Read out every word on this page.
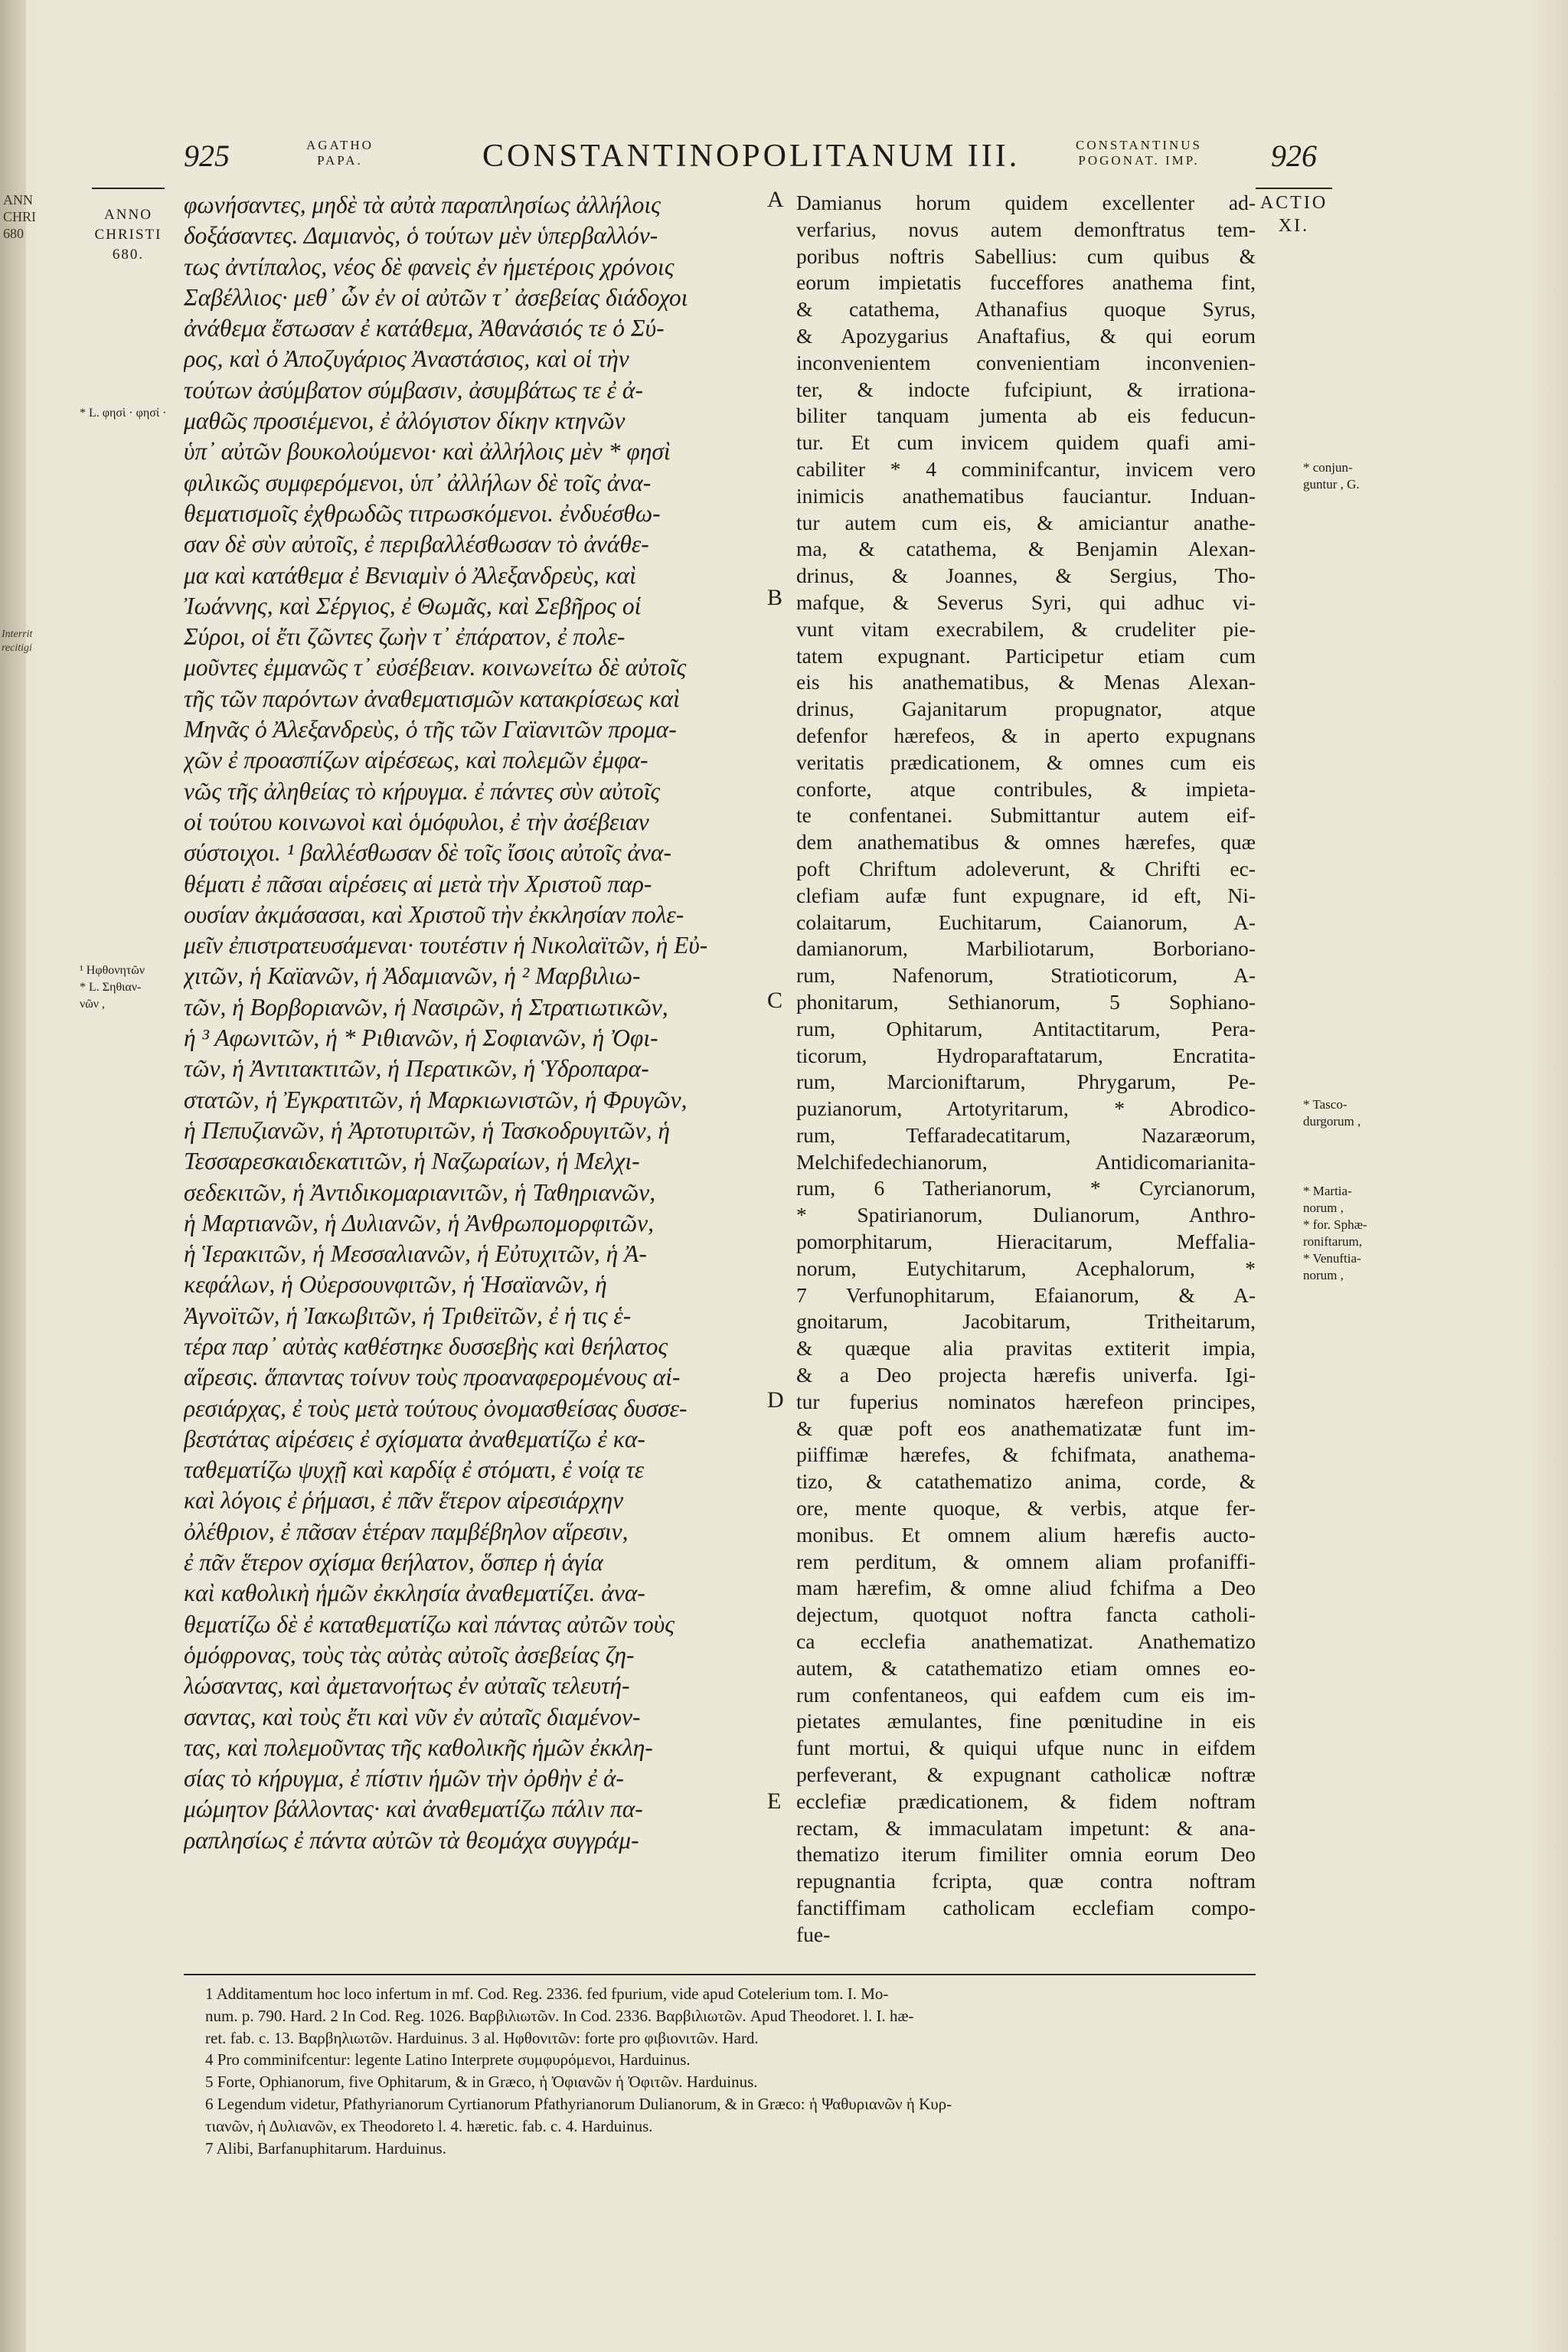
ANN
CHRI
680
Interrit
recitigi
925	AGATHO
PAPA.	CONSTANTINOPOLITANUM III.	CONSTANTINUS
POGONAT. IMP. 926
ANNO
CHRISTI
680.
ACTIO
XI.
* L. φησὶ · φησί ·
¹ Ηφθονητῶν
* L. Σηθιαν-
νῶν ,
* conjun-
guntur , G.
* Tasco-
durgorum ,
* Martia-
norum ,
* for. Sphæ-
roniftarum,
* Venuftia-
norum ,
A
B
C
D
E
φωνήσαντες, μηδὲ τὰ αὐτὰ παραπλησίως ἀλλήλοις
δοξάσαντες. Δαμιανὸς, ὁ τούτων μὲν ὑπερβαλλόν-
τως ἀντίπαλος, νέος δὲ φανεὶς ἐν ἡμετέροις χρόνοις
Σαβέλλιος· μεθ᾽ ὧν ἐν οἱ αὐτῶν τ᾽ ἀσεβείας διάδοχοι
ἀνάθεμα ἔστωσαν ἐ κατάθεμα, Ἀθανάσιός τε ὁ Σύ-
ρος, καὶ ὁ Ἀποζυγάριος Ἀναστάσιος, καὶ οἱ τὴν
τούτων ἀσύμβατον σύμβασιν, ἀσυμβάτως τε ἐ ἀ-
μαθῶς προσιέμενοι, ἐ ἀλόγιστον δίκην κτηνῶν
ὑπ᾽ αὐτῶν βουκολούμενοι· καὶ ἀλλήλοις μὲν * φησὶ
φιλικῶς συμφερόμενοι, ὑπ᾽ ἀλλήλων δὲ τοῖς ἀνα-
θεματισμοῖς ἐχθρωδῶς τιτρωσκόμενοι. ἐνδυέσθω-
σαν δὲ σὺν αὐτοῖς, ἐ περιβαλλέσθωσαν τὸ ἀνάθε-
μα καὶ κατάθεμα ἐ Βενιαμὶν ὁ Ἀλεξανδρεὺς, καὶ
Ἰωάννης, καὶ Σέργιος, ἐ Θωμᾶς, καὶ Σεβῆρος οἱ
Σύροι, οἱ ἔτι ζῶντες ζωὴν τ᾽ ἐπάρατον, ἐ πολε-
μοῦντες ἐμμανῶς τ᾽ εὐσέβειαν. κοινωνείτω δὲ αὐτοῖς
τῆς τῶν παρόντων ἀναθεματισμῶν κατακρίσεως καὶ
Μηνᾶς ὁ Ἀλεξανδρεὺς, ὁ τῆς τῶν Γαϊανιτῶν προμα-
χῶν ἐ προασπίζων αἱρέσεως, καὶ πολεμῶν ἐμφα-
νῶς τῆς ἀληθείας τὸ κήρυγμα. ἐ πάντες σὺν αὐτοῖς
οἱ τούτου κοινωνοὶ καὶ ὁμόφυλοι, ἐ τὴν ἀσέβειαν
σύστοιχοι. ¹ βαλλέσθωσαν δὲ τοῖς ἴσοις αὐτοῖς ἀνα-
θέματι ἐ πᾶσαι αἱρέσεις αἱ μετὰ τὴν Χριστοῦ παρ-
ουσίαν ἀκμάσασαι, καὶ Χριστοῦ τὴν ἐκκλησίαν πολε-
μεῖν ἐπιστρατευσάμεναι· τουτέστιν ἡ Νικολαϊτῶν, ἡ Εὐ-
χιτῶν, ἡ Καϊανῶν, ἡ Ἀδαμιανῶν, ἡ ² Μαρβιλιω-
τῶν, ἡ Βορβοριανῶν, ἡ Νασιρῶν, ἡ Στρατιωτικῶν,
ἡ ³ Αφωνιτῶν, ἡ * Ριθιανῶν, ἡ Σοφιανῶν, ἡ Ὀφι-
τῶν, ἡ Ἀντιτακτιτῶν, ἡ Περατικῶν, ἡ Ὑδροπαρα-
στατῶν, ἡ Ἐγκρατιτῶν, ἡ Μαρκιωνιστῶν, ἡ Φρυγῶν,
ἡ Πεπυζιανῶν, ἡ Ἀρτοτυριτῶν, ἡ Τασκοδρυγιτῶν, ἡ
Τεσσαρεσκαιδεκατιτῶν, ἡ Ναζωραίων, ἡ Μελχι-
σεδεκιτῶν, ἡ Ἀντιδικομαριανιτῶν, ἡ Ταθηριανῶν,
ἡ Μαρτιανῶν, ἡ Δυλιανῶν, ἡ Ἀνθρωπομορφιτῶν,
ἡ Ἱερακιτῶν, ἡ Μεσσαλιανῶν, ἡ Εὐτυχιτῶν, ἡ Ἀ-
κεφάλων, ἡ Οὐερσουνφιτῶν, ἡ Ἡσαϊανῶν, ἡ
Ἀγνοϊτῶν, ἡ Ἰακωβιτῶν, ἡ Τριθεϊτῶν, ἐ ἡ τις ἑ-
τέρα παρ᾽ αὐτὰς καθέστηκε δυσσεβὴς καὶ θεήλατος
αἵρεσις. ἅπαντας τοίνυν τοὺς προαναφερομένους αἱ-
ρεσιάρχας, ἐ τοὺς μετὰ τούτους ὀνομασθείσας δυσσε-
βεστάτας αἱρέσεις ἐ σχίσματα ἀναθεματίζω ἐ κα-
ταθεματίζω ψυχῇ καὶ καρδίᾳ ἐ στόματι, ἐ νοίᾳ τε
καὶ λόγοις ἐ ῥήμασι, ἐ πᾶν ἕτερον αἱρεσιάρχην
ὀλέθριον, ἐ πᾶσαν ἑτέραν παμβέβηλον αἵρεσιν,
ἐ πᾶν ἕτερον σχίσμα θεήλατον, ὅσπερ ἡ ἁγία
καὶ καθολικὴ ἡμῶν ἐκκλησία ἀναθεματίζει. ἀνα-
θεματίζω δὲ ἐ καταθεματίζω καὶ πάντας αὐτῶν τοὺς
ὁμόφρονας, τοὺς τὰς αὐτὰς αὐτοῖς ἀσεβείας ζη-
λώσαντας, καὶ ἀμετανοήτως ἐν αὐταῖς τελευτή-
σαντας, καὶ τοὺς ἔτι καὶ νῦν ἐν αὐταῖς διαμένον-
τας, καὶ πολεμοῦντας τῆς καθολικῆς ἡμῶν ἐκκλη-
σίας τὸ κήρυγμα, ἐ πίστιν ἡμῶν τὴν ὀρθὴν ἐ ἀ-
μώμητον βάλλοντας· καὶ ἀναθεματίζω πάλιν πα-
ραπλησίως ἐ πάντα αὐτῶν τὰ θεομάχα συγγράμ-
Damianus horum quidem excellenter ad-
verfarius, novus autem demonftratus tem-
poribus noftris Sabellius: cum quibus &
eorum impietatis fucceffores anathema fint,
& catathema, Athanafius quoque Syrus,
& Apozygarius Anaftafius, & qui eorum
inconvenientem convenientiam inconvenien-
ter, & indocte fufcipiunt, & irrationa-
biliter tanquam jumenta ab eis feducun-
tur. Et cum invicem quidem quafi ami-
cabiliter * 4 comminifcantur, invicem vero
inimicis anathematibus fauciantur. Induan-
tur autem cum eis, & amiciantur anathe-
ma, & catathema, & Benjamin Alexan-
drinus, & Joannes, & Sergius, Tho-
mafque, & Severus Syri, qui adhuc vi-
vunt vitam execrabilem, & crudeliter pie-
tatem expugnant. Participetur etiam cum
eis his anathematibus, & Menas Alexan-
drinus, Gajanitarum propugnator, atque
defenfor hærefeos, & in aperto expugnans
veritatis prædicationem, & omnes cum eis
conforte, atque contribules, & impieta-
te confentanei. Submittantur autem eif-
dem anathematibus & omnes hærefes, quæ
poft Chriftum adoleverunt, & Chrifti ec-
clefiam aufæ funt expugnare, id eft, Ni-
colaitarum, Euchitarum, Caianorum, A-
damianorum, Marbiliotarum, Borboriano-
rum, Nafenorum, Stratioticorum, A-
phonitarum, Sethianorum, 5 Sophiano-
rum, Ophitarum, Antitactitarum, Pera-
ticorum, Hydroparaftatarum, Encratita-
rum, Marcioniftarum, Phrygarum, Pe-
puzianorum, Artotyritarum, * Abrodico-
rum, Teffaradecatitarum, Nazaræorum,
Melchifedechianorum, Antidicomarianita-
rum, 6 Tatherianorum, * Cyrcianorum,
* Spatirianorum, Dulianorum, Anthro-
pomorphitarum, Hieracitarum, Meffalia-
norum, Eutychitarum, Acephalorum, *
7 Verfunophitarum, Efaianorum, & A-
gnoitarum, Jacobitarum, Tritheitarum,
& quæque alia pravitas extiterit impia,
& a Deo projecta hærefis univerfa. Igi-
tur fuperius nominatos hærefeon principes,
& quæ poft eos anathematizatæ funt im-
piiffimæ hærefes, & fchifmata, anathema-
tizo, & catathematizo anima, corde, &
ore, mente quoque, & verbis, atque fer-
monibus. Et omnem alium hærefis aucto-
rem perditum, & omnem aliam profaniffi-
mam hærefim, & omne aliud fchifma a Deo
dejectum, quotquot noftra fancta catholi-
ca ecclefia anathematizat. Anathematizo
autem, & catathematizo etiam omnes eo-
rum confentaneos, qui eafdem cum eis im-
pietates æmulantes, fine pœnitudine in eis
funt mortui, & quiqui ufque nunc in eifdem
perfeverant, & expugnant catholicæ noftræ
ecclefiæ prædicationem, & fidem noftram
rectam, & immaculatam impetunt: & ana-
thematizo iterum fimiliter omnia eorum Deo
repugnantia fcripta, quæ contra noftram
fanctiffimam catholicam ecclefiam compo-
fue-
1 Additamentum hoc loco infertum in mf. Cod. Reg. 2336. fed fpurium, vide apud Cotelerium tom. I. Mo-
num. p. 790. Hard. 2 In Cod. Reg. 1026. Βαρβιλιωτῶν. In Cod. 2336. Βαρβιλιωτῶν. Apud Theodoret. l. I. hæ-
ret. fab. c. 13. Βαρβηλιωτῶν. Harduinus. 3 al. Ηφθονιτῶν: forte pro φιβιονιτῶν. Hard.
4 Pro comminifcentur: legente Latino Interprete συμφυρόμενοι, Harduinus.
5 Forte, Ophianorum, five Ophitarum, & in Græco, ἡ Ὀφιανῶν ἡ Ὀφιτῶν. Harduinus.
6 Legendum videtur, Pfathyrianorum Cyrtianorum Pfathyrianorum Dulianorum, & in Græco: ἡ Ψαθυριανῶν ἡ Κυρ-
τιανῶν, ἡ Δυλιανῶν, ex Theodoreto l. 4. hæretic. fab. c. 4. Harduinus.
7 Alibi, Barfanuphitarum. Harduinus.
